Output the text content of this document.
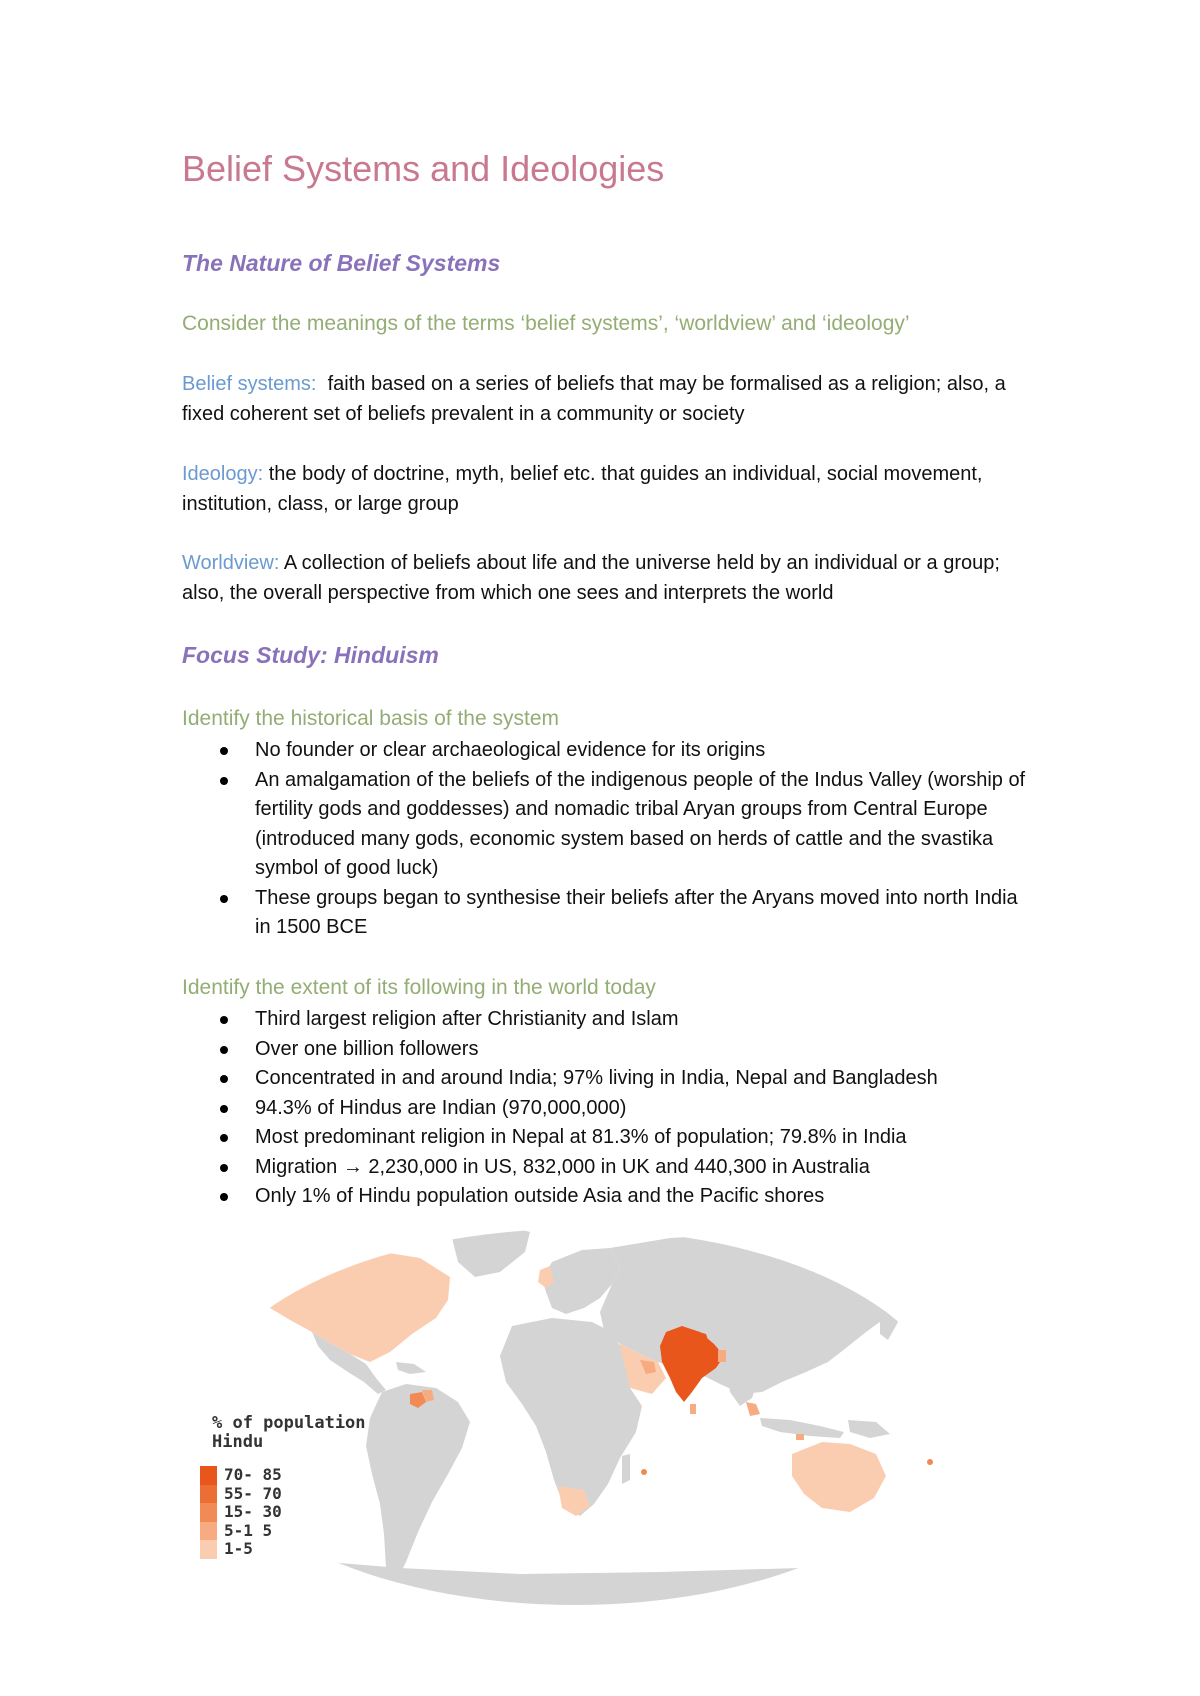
Belief Systems and Ideologies
The Nature of Belief Systems
Consider the meanings of the terms ‘belief systems’, ‘worldview’ and ‘ideology’

Belief systems: faith based on a series of beliefs that may be formalised as a religion; also, a fixed coherent set of beliefs prevalent in a community or society

Ideology: the body of doctrine, myth, belief etc. that guides an individual, social movement, institution, class, or large group

Worldview: A collection of beliefs about life and the universe held by an individual or a group; also, the overall perspective from which one sees and interprets the world

Focus Study: Hinduism
Identify the historical basis of the system
No founder or clear archaeological evidence for its origins
An amalgamation of the beliefs of the indigenous people of the Indus Valley (worship of fertility gods and goddesses) and nomadic tribal Aryan groups from Central Europe (introduced many gods, economic system based on herds of cattle and the svastika symbol of good luck)
These groups began to synthesise their beliefs after the Aryans moved into north India in 1500 BCE
Identify the extent of its following in the world today
Third largest religion after Christianity and Islam
Over one billion followers
Concentrated in and around India; 97% living in India, Nepal and Bangladesh
94.3% of Hindus are Indian (970,000,000)
Most predominant religion in Nepal at 81.3% of population; 79.8% in India
Migration → 2,230,000 in US, 832,000 in UK and 440,300 in Australia
Only 1% of Hindu population outside Asia and the Pacific shores

% of population Hindu

70- 85
55- 70
15- 30
5-1 5
1-5
